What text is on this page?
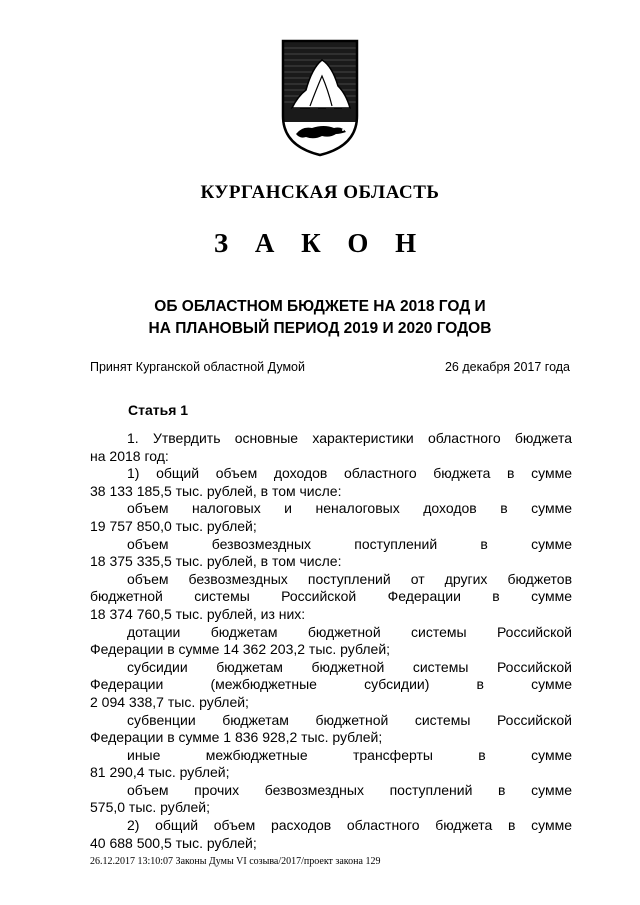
КУРГАНСКАЯ ОБЛАСТЬ
З А К О Н
ОБ ОБЛАСТНОМ БЮДЖЕТЕ НА 2018 ГОД И
НА ПЛАНОВЫЙ ПЕРИОД 2019 И 2020 ГОДОВ
Принят Курганской областной Думой	26 декабря 2017 года
Статья 1
1. Утвердить основные характеристики областного бюджета
на 2018 год:
1) общий объем доходов областного бюджета в сумме
38 133 185,5 тыс. рублей, в том числе:
объем налоговых и неналоговых доходов в сумме
19 757 850,0 тыс. рублей;
объем безвозмездных поступлений в сумме
18 375 335,5 тыс. рублей, в том числе:
объем безвозмездных поступлений от других бюджетов
бюджетной системы Российской Федерации в сумме
18 374 760,5 тыс. рублей, из них:
дотации бюджетам бюджетной системы Российской
Федерации в сумме 14 362 203,2 тыс. рублей;
субсидии бюджетам бюджетной системы Российской
Федерации (межбюджетные субсидии) в сумме
2 094 338,7 тыс. рублей;
субвенции бюджетам бюджетной системы Российской
Федерации в сумме 1 836 928,2 тыс. рублей;
иные межбюджетные трансферты в сумме
81 290,4 тыс. рублей;
объем прочих безвозмездных поступлений в сумме
575,0 тыс. рублей;
2) общий объем расходов областного бюджета в сумме
40 688 500,5 тыс. рублей;
26.12.2017 13:10:07 Законы Думы VI созыва/2017/проект закона 129
